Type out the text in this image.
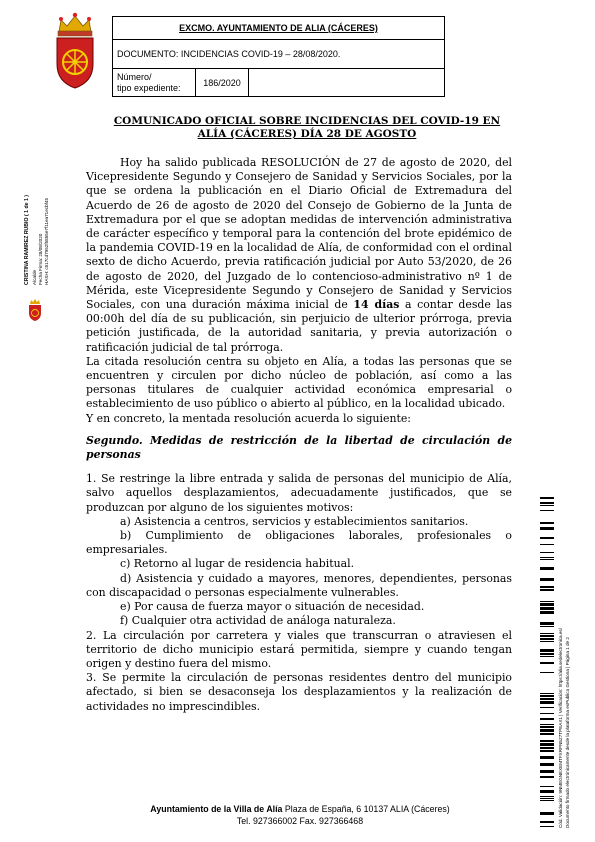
EXCMO. AYUNTAMIENTO DE ALIA (CÁCERES)
DOCUMENTO: INCIDENCIAS COVID-19 – 28/08/2020.
Número/
tipo expediente:	186/2020
COMUNICADO OFICIAL SOBRE INCIDENCIAS DEL COVID-19 EN
ALÍA (CÁCERES) DÍA 28 DE AGOSTO

Hoy ha salido publicada RESOLUCIÓN de 27 de agosto de 2020, del Vicepresidente Segundo y Consejero de Sanidad y Servicios Sociales, por la que se ordena la publicación en el Diario Oficial de Extremadura del Acuerdo de 26 de agosto de 2020 del Consejo de Gobierno de la Junta de Extremadura por el que se adoptan medidas de intervención administrativa de carácter específico y temporal para la contención del brote epidémico de la pandemia COVID-19 en la localidad de Alía, de conformidad con el ordinal sexto de dicho Acuerdo, previa ratificación judicial por Auto 53/2020, de 26 de agosto de 2020, del Juzgado de lo contencioso-administrativo nº 1 de Mérida, este Vicepresidente Segundo y Consejero de Sanidad y Servicios Sociales, con una duración máxima inicial de 14 días a contar desde las 00:00h del día de su publicación, sin perjuicio de ulterior prórroga, previa petición justificada, de la autoridad sanitaria, y previa autorización o ratificación judicial de tal prórroga.

La citada resolución centra su objeto en Alía, a todas las personas que se encuentren y circulen por dicho núcleo de población, así como a las personas titulares de cualquier actividad económica empresarial o establecimiento de uso público o abierto al público, en la localidad ubicado.

Y en concreto, la mentada resolución acuerda lo siguiente:

Segundo. Medidas de restricción de la libertad de circulación de personas

1. Se restringe la libre entrada y salida de personas del municipio de Alía, salvo aquellos desplazamientos, adecuadamente justificados, que se produzcan por alguno de los siguientes motivos:

a) Asistencia a centros, servicios y establecimientos sanitarios.

b) Cumplimiento de obligaciones laborales, profesionales o empresariales.

c) Retorno al lugar de residencia habitual.

d) Asistencia y cuidado a mayores, menores, dependientes, personas con discapacidad o personas especialmente vulnerables.

e) Por causa de fuerza mayor o situación de necesidad.

f) Cualquier otra actividad de análoga naturaleza.

2. La circulación por carretera y viales que transcurran o atraviesen el territorio de dicho municipio estará permitida, siempre y cuando tengan origen y destino fuera del mismo.

3. Se permite la circulación de personas residentes dentro del municipio afectado, si bien se desaconseja los desplazamientos y la realización de actividades no imprescindibles.

CRISTINA RAMIREZ RUBIO ( 1 de 1 ) Alcalde Fecha Firma: 28/08/2020 HASH: c517cd7952f5855e7f11ea71ecbf45
Cód. Validación: 9NMEGNEXEMTFXRPN5Z7TPEAX1 | Verificación: https://alia.sedelectronica.es/ Documento firmado electrónicamente desde la plataforma esPublico Gestiona | Página 1 de 2
Ayuntamiento de la Villa de Alía Plaza de España, 6 10137 ALIA (Cáceres)
Tel. 927366002 Fax. 927366468
